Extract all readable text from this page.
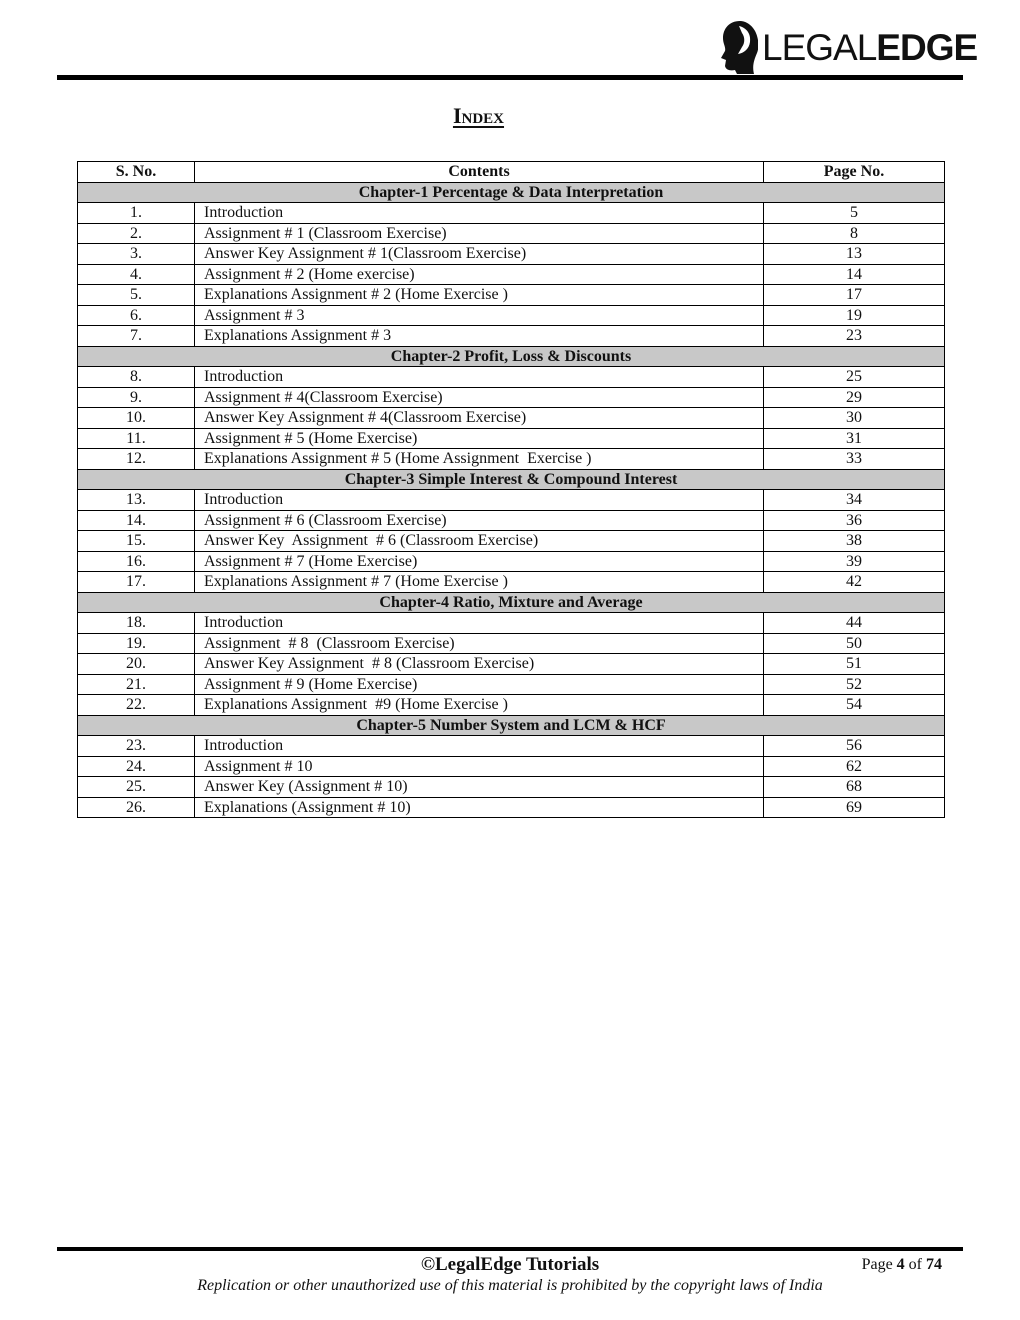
LEGALEDGE
Index
S. No.	Contents	Page No.
Chapter-1 Percentage & Data Interpretation		
1.	Introduction	5
2.	Assignment # 1 (Classroom Exercise)	8
3.	Answer Key Assignment # 1(Classroom Exercise)	13
4.	Assignment # 2 (Home exercise)	14
5.	Explanations Assignment # 2 (Home Exercise )	17
6.	Assignment # 3	19
7.	Explanations Assignment # 3	23
Chapter-2 Profit, Loss & Discounts		
8.	Introduction	25
9.	Assignment # 4(Classroom Exercise)	29
10.	Answer Key Assignment # 4(Classroom Exercise)	30
11.	Assignment # 5 (Home Exercise)	31
12.	Explanations Assignment # 5 (Home Assignment  Exercise )	33
Chapter-3 Simple Interest & Compound Interest		
13.	Introduction	34
14.	Assignment # 6 (Classroom Exercise)	36
15.	Answer Key  Assignment  # 6 (Classroom Exercise)	38
16.	Assignment # 7 (Home Exercise)	39
17.	Explanations Assignment # 7 (Home Exercise )	42
Chapter-4 Ratio, Mixture and Average		
18.	Introduction	44
19.	Assignment  # 8  (Classroom Exercise)	50
20.	Answer Key Assignment  # 8 (Classroom Exercise)	51
21.	Assignment # 9 (Home Exercise)	52
22.	Explanations Assignment  #9 (Home Exercise )	54
Chapter-5 Number System and LCM & HCF		
23.	Introduction	56
24.	Assignment # 10	62
25.	Answer Key (Assignment # 10)	68
26.	Explanations (Assignment # 10)	69
©LegalEdge Tutorials	Page 4 of 74
Replication or other unauthorized use of this material is prohibited by the copyright laws of India
